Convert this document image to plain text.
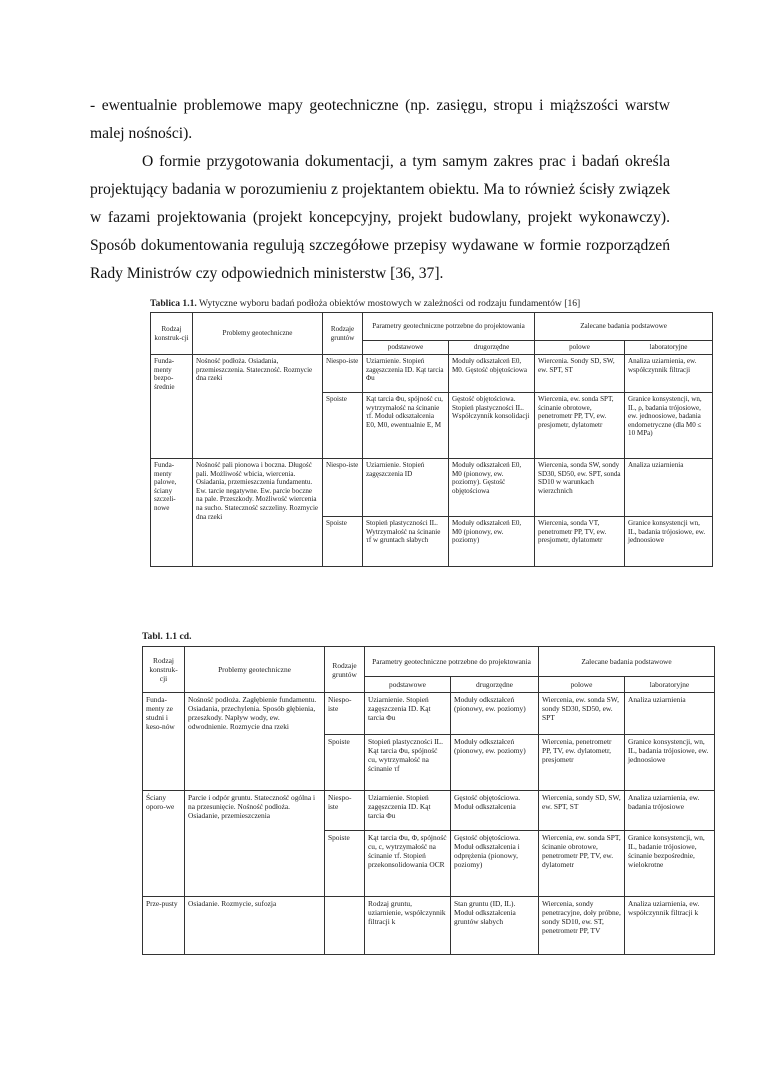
- ewentualnie problemowe mapy geotechniczne (np. zasięgu, stropu i miąższości warstw malej nośności).
O formie przygotowania dokumentacji, a tym samym zakres prac i badań określa projektujący badania w porozumieniu z projektantem obiektu. Ma to również ścisły związek w fazami projektowania (projekt koncepcyjny, projekt budowlany, projekt wykonawczy). Sposób dokumentowania regulują szczegółowe przepisy wydawane w formie rozporządzeń Rady Ministrów czy odpowiednich ministerstw [36, 37].
Tablica 1.1. Wytyczne wyboru badań podłoża obiektów mostowych w zależności od rodzaju fundamentów [16]
Rodzaj konstruk-cji	Problemy geotechniczne	Rodzaje gruntów	Parametry geotechniczne potrzebne do projektowania		Zalecane badania podstawowe	
			podstawowe	drugorzędne	polowe	laboratoryjne
Funda-menty bezpo-średnie	Nośność podłoża. Osiadania, przemieszczenia. Stateczność. Rozmycie dna rzeki	Niespo-iste	Uziarnienie. Stopień zagęszczenia ID. Kąt tarcia Φu	Moduły odkształceń E0, M0. Gęstość objętościowa	Wiercenia. Sondy SD, SW, ew. SPT, ST	Analiza uziarnienia, ew. współczynnik filtracji
		Spoiste	Kąt tarcia Φu, spójność cu, wytrzymałość na ścinanie τf. Moduł odkształcenia E0, M0, ewentualnie E, M	Gęstość objętościowa. Stopień plastyczności IL. Współczynnik konsolidacji	Wiercenia, ew. sonda SPT, ścinanie obrotowe, penetrometr PP, TV, ew. presjometr, dylatometr	Granice konsystencji, wn, IL, ρ, badania trójosiowe, ew. jednoosiowe, badania endometryczne (dla M0 ≤ 10 MPa)
Funda-menty palowe, ściany szczeli-nowe	Nośność pali pionowa i boczna. Długość pali. Możliwość wbicia, wiercenia. Osiadania, przemieszczenia fundamentu. Ew. tarcie negatywne. Ew. parcie boczne na pale. Przeszkody. Możliwość wiercenia na sucho. Stateczność szczeliny. Rozmycie dna rzeki	Niespo-iste	Uziarnienie. Stopień zagęszczenia ID	Moduły odkształceń E0, M0 (pionowy, ew. poziomy). Gęstość objętościowa	Wiercenia, sonda SW, sondy SD30, SD50, ew. SPT, sonda SD10 w warunkach wierzchnich	Analiza uziarnienia
		Spoiste	Stopień plastyczności IL. Wytrzymałość na ścinanie τf w gruntach słabych	Moduły odkształceń E0, M0 (pionowy, ew. poziomy)	Wiercenia, sonda VT, penetrometr PP, TV, ew. presjometr, dylatometr	Granice konsystencji wn, IL, badania trójosiowe, ew. jednoosiowe
Tabl. 1.1 cd.
Rodzaj konstruk-cji	Problemy geotechniczne	Rodzaje gruntów	Parametry geotechniczne potrzebne do projektowania		Zalecane badania podstawowe	
			podstawowe	drugorzędne	polowe	laboratoryjne
Funda-menty ze studni i keso-nów	Nośność podłoża. Zagłębienie fundamentu. Osiadania, przechylenia. Sposób głębienia, przeszkody. Napływ wody, ew. odwodnienie. Rozmycie dna rzeki	Niespo-iste	Uziarnienie. Stopień zagęszczenia ID. Kąt tarcia Φu	Moduły odkształceń (pionowy, ew. poziomy)	Wiercenia, ew. sonda SW, sondy SD30, SD50, ew. SPT	Analiza uziarnienia
		Spoiste	Stopień plastyczności IL. Kąt tarcia Φu, spójność cu, wytrzymałość na ścinanie τf	Moduły odkształceń (pionowy, ew. poziomy)	Wiercenia, penetrometr PP, TV, ew. dylatometr, presjometr	Granice konsystencji, wn, IL, badania trójosiowe, ew. jednoosiowe
Ściany oporo-we	Parcie i odpór gruntu. Stateczność ogólna i na przesunięcie. Nośność podłoża. Osiadanie, przemieszczenia	Niespo-iste	Uziarnienie. Stopień zagęszczenia ID. Kąt tarcia Φu	Gęstość objętościowa. Moduł odkształcenia	Wiercenia, sondy SD, SW, ew. SPT, ST	Analiza uziarnienia, ew. badania trójosiowe
		Spoiste	Kąt tarcia Φu, Φ, spójność cu, c, wytrzymałość na ścinanie τf. Stopień przekonsolidowania OCR	Gęstość objętościowa. Moduł odkształcenia i odprężenia (pionowy, poziomy)	Wiercenia, ew. sonda SPT, ścinanie obrotowe, penetrometr PP, TV, ew. dylatometr	Granice konsystencji, wn, IL, badanie trójosiowe, ścinanie bezpośrednie, wielokrotne
Prze-pusty	Osiadanie. Rozmycie, sufozja		Rodzaj gruntu, uziarnienie, współczynnik filtracji k	Stan gruntu (ID, IL). Moduł odkształcenia gruntów słabych	Wiercenia, sondy penetracyjne, doły próbne, sondy SD10, ew. ST, penetrometr PP, TV	Analiza uziarnienia, ew. współczynnik filtracji k
